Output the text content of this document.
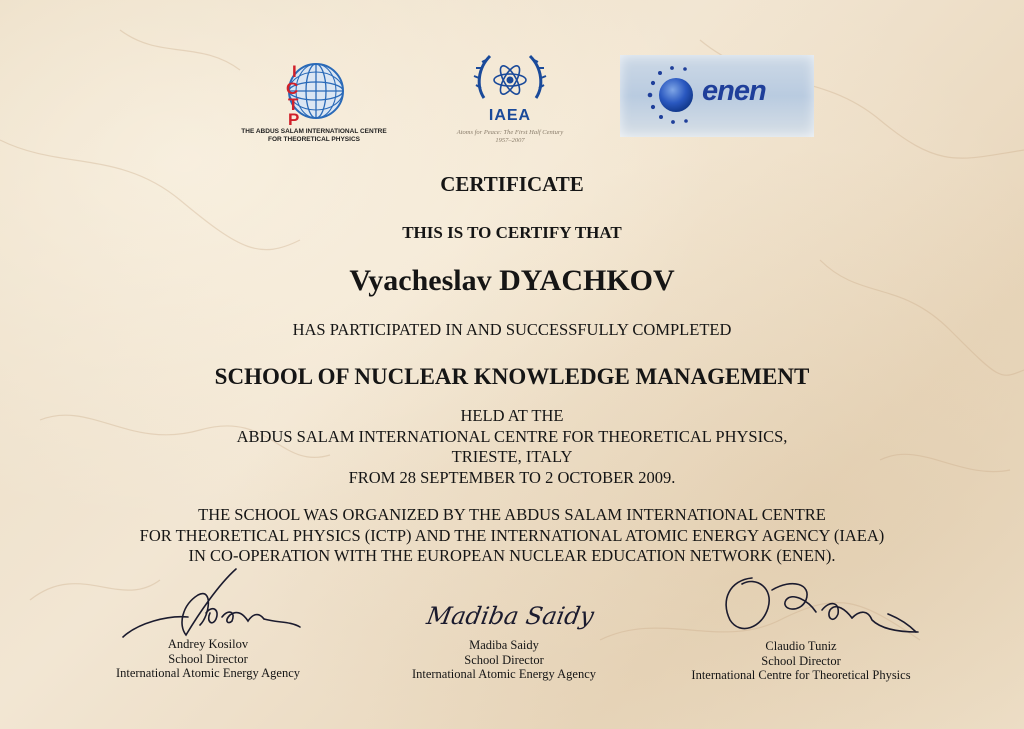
I
C
T
P
THE ABDUS SALAM INTERNATIONAL CENTRE
FOR THEORETICAL PHYSICS
IAEA
Atoms for Peace: The First Half Century
1957–2007
enen
CERTIFICATE
THIS IS TO CERTIFY THAT
Vyacheslav DYACHKOV
HAS PARTICIPATED IN AND SUCCESSFULLY COMPLETED
SCHOOL OF NUCLEAR KNOWLEDGE MANAGEMENT
HELD AT THE
ABDUS SALAM INTERNATIONAL CENTRE FOR THEORETICAL PHYSICS,
TRIESTE, ITALY
FROM 28 SEPTEMBER TO 2 OCTOBER 2009.
THE SCHOOL WAS ORGANIZED BY THE ABDUS SALAM INTERNATIONAL CENTRE
FOR THEORETICAL PHYSICS (ICTP) AND THE INTERNATIONAL ATOMIC ENERGY AGENCY (IAEA)
IN CO-OPERATION WITH THE EUROPEAN NUCLEAR EDUCATION NETWORK (ENEN).
Madiba Saidy
Andrey Kosilov
School Director
International Atomic Energy Agency
Madiba Saidy
School Director
International Atomic Energy Agency
Claudio Tuniz
School Director
International Centre for Theoretical Physics
